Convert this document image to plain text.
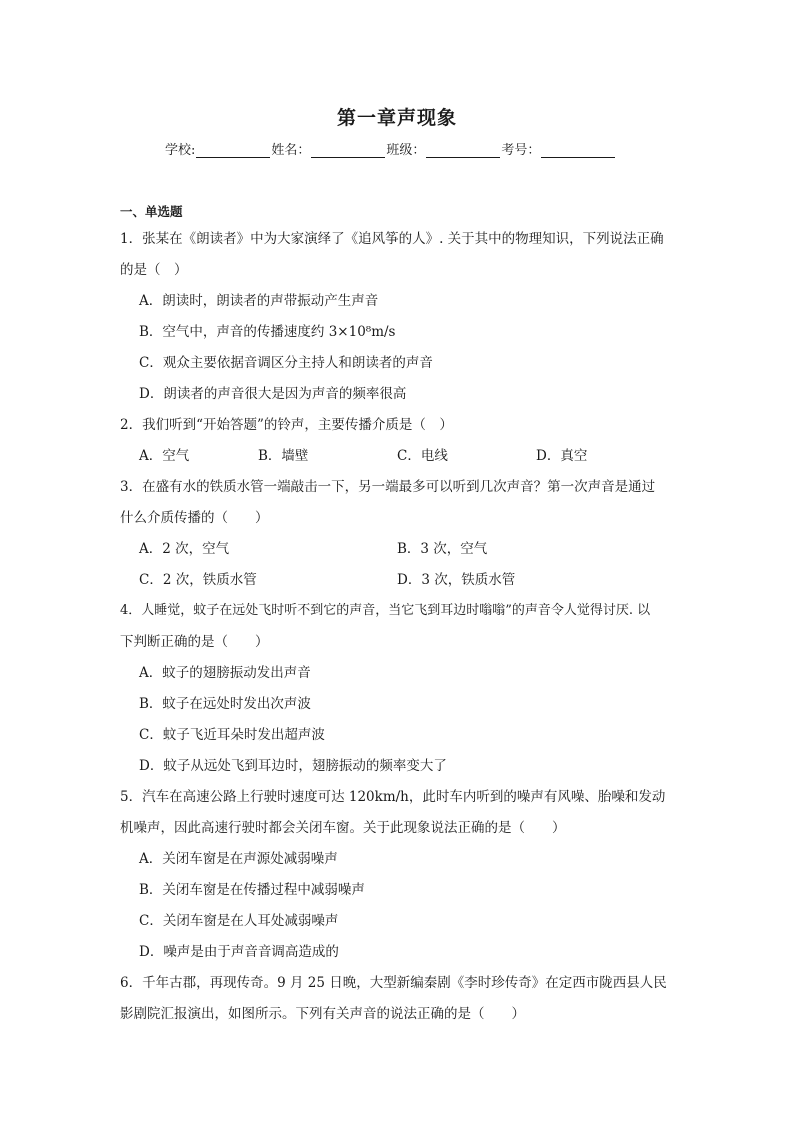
第一章声现象
学校:	姓名：	班级：	考号：
一、单选题
1．张某在《朗读者》中为大家演绎了《追风筝的人》. 关于其中的物理知识，下列说法正确
的是（　）
A．朗读时，朗读者的声带振动产生声音
B．空气中，声音的传播速度约 3×10⁸m/s
C．观众主要依据音调区分主持人和朗读者的声音
D．朗读者的声音很大是因为声音的频率很高
2．我们听到“开始答题”的铃声，主要传播介质是（　）
A．空气	B．墙壁	C．电线	D．真空
3．在盛有水的铁质水管一端敲击一下，另一端最多可以听到几次声音？第一次声音是通过
什么介质传播的（　　）
A．2 次，空气	B．3 次，空气
C．2 次，铁质水管	D．3 次，铁质水管
4．人睡觉，蚊子在远处飞时听不到它的声音，当它飞到耳边时嗡嗡”的声音令人觉得讨厌. 以
下判断正确的是（　　）
A．蚊子的翅膀振动发出声音
B．蚊子在远处时发出次声波
C．蚊子飞近耳朵时发出超声波
D．蚊子从远处飞到耳边时，翅膀振动的频率变大了
5．汽车在高速公路上行驶时速度可达 120km/h，此时车内听到的噪声有风噪、胎噪和发动
机噪声，因此高速行驶时都会关闭车窗。关于此现象说法正确的是（　　）
A．关闭车窗是在声源处减弱噪声
B．关闭车窗是在传播过程中减弱噪声
C．关闭车窗是在人耳处减弱噪声
D．噪声是由于声音音调高造成的
6．千年古郡，再现传奇。9 月 25 日晚，大型新编秦剧《李时珍传奇》在定西市陇西县人民
影剧院汇报演出，如图所示。下列有关声音的说法正确的是（　　）
